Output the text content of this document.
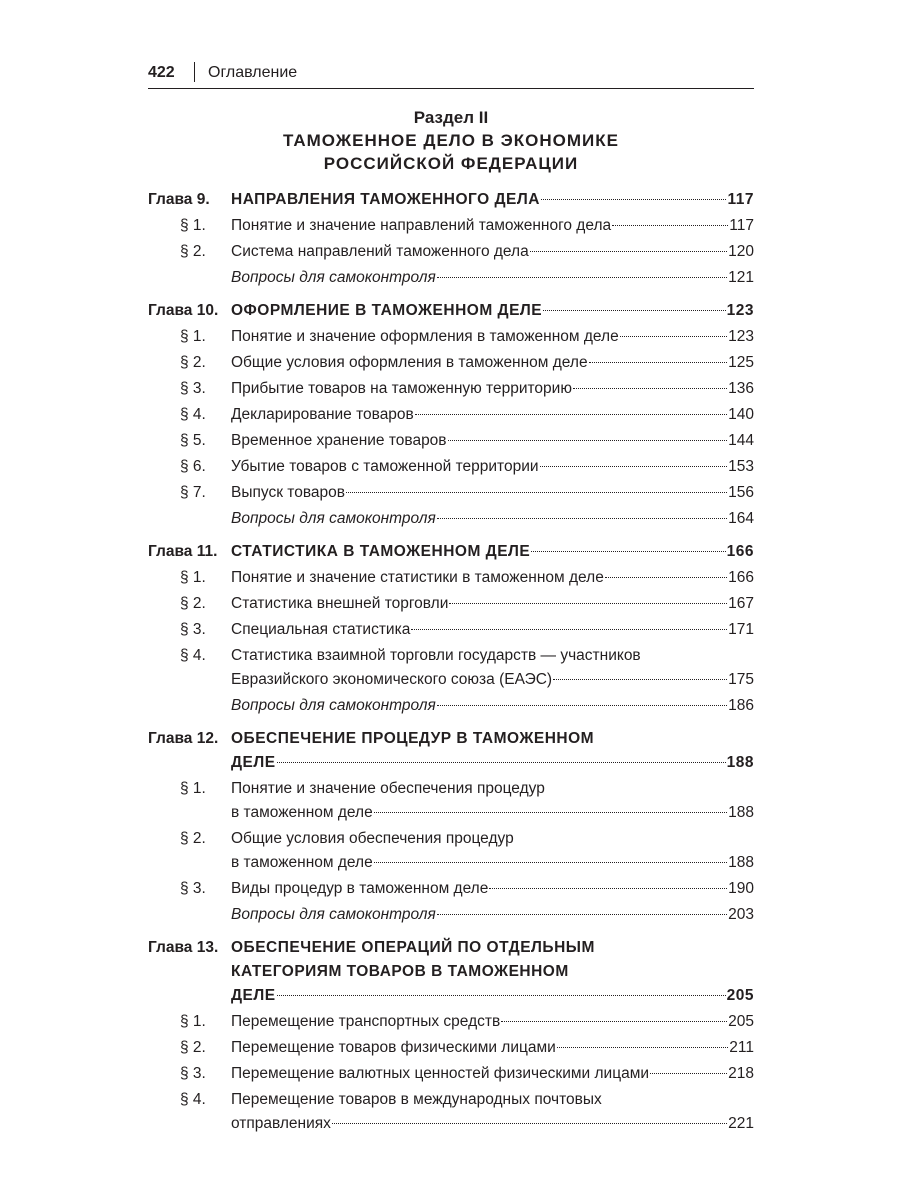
422 Оглавление
Раздел II
ТАМОЖЕННОЕ ДЕЛО В ЭКОНОМИКЕ
РОССИЙСКОЙ ФЕДЕРАЦИИ
Глава 9. НАПРАВЛЕНИЯ ТАМОЖЕННОГО ДЕЛА	117
§ 1. Понятие и значение направлений таможенного дела	117
§ 2. Система направлений таможенного дела	120
Вопросы для самоконтроля	121
Глава 10. ОФОРМЛЕНИЕ В ТАМОЖЕННОМ ДЕЛЕ	123
§ 1. Понятие и значение оформления в таможенном деле	123
§ 2. Общие условия оформления в таможенном деле	125
§ 3. Прибытие товаров на таможенную территорию	136
§ 4. Декларирование товаров	140
§ 5. Временное хранение товаров	144
§ 6. Убытие товаров с таможенной территории	153
§ 7. Выпуск товаров	156
Вопросы для самоконтроля	164
Глава 11. СТАТИСТИКА В ТАМОЖЕННОМ ДЕЛЕ	166
§ 1. Понятие и значение статистики в таможенном деле	166
§ 2. Статистика внешней торговли	167
§ 3. Специальная статистика	171
§ 4. Статистика взаимной торговли государств — участников
Евразийского экономического союза (ЕАЭС)	175
Вопросы для самоконтроля	186
Глава 12. ОБЕСПЕЧЕНИЕ ПРОЦЕДУР В ТАМОЖЕННОМ
ДЕЛЕ	188
§ 1. Понятие и значение обеспечения процедур
в таможенном деле	188
§ 2. Общие условия обеспечения процедур
в таможенном деле	188
§ 3. Виды процедур в таможенном деле	190
Вопросы для самоконтроля	203
Глава 13. ОБЕСПЕЧЕНИЕ ОПЕРАЦИЙ ПО ОТДЕЛЬНЫМ
КАТЕГОРИЯМ ТОВАРОВ В ТАМОЖЕННОМ
ДЕЛЕ	205
§ 1. Перемещение транспортных средств	205
§ 2. Перемещение товаров физическими лицами	211
§ 3. Перемещение валютных ценностей физическими лицами	218
§ 4. Перемещение товаров в международных почтовых
отправлениях	221
